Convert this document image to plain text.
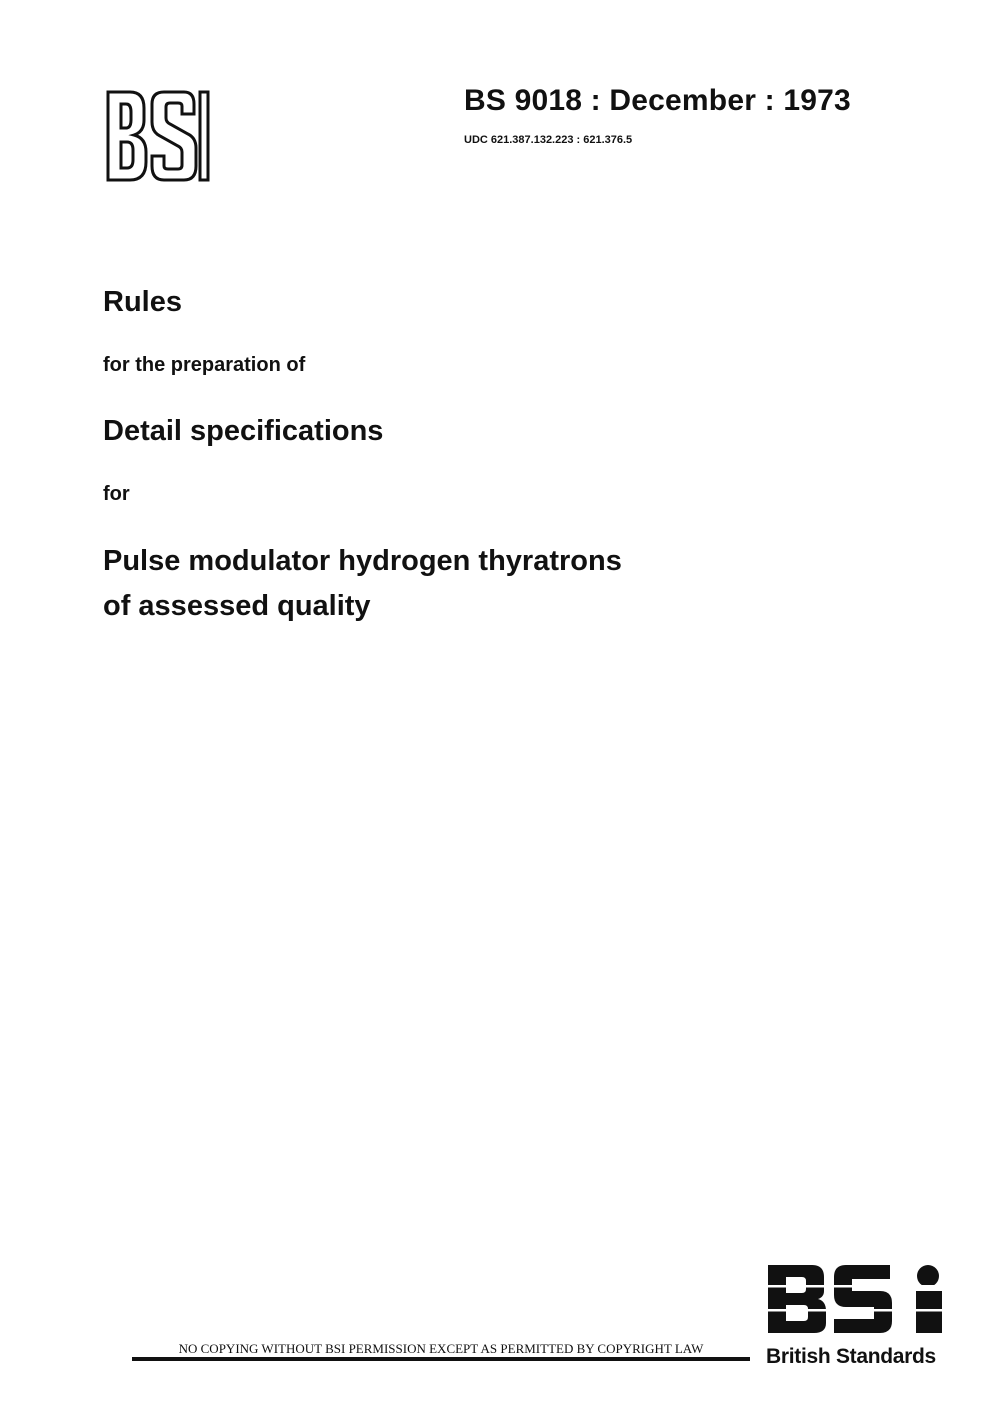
BS 9018 : December : 1973
UDC 621.387.132.223 : 621.376.5
Rules
for the preparation of
Detail specifications
for
Pulse modulator hydrogen thyratrons
of assessed quality
NO COPYING WITHOUT BSI PERMISSION EXCEPT AS PERMITTED BY COPYRIGHT LAW	British Standards
